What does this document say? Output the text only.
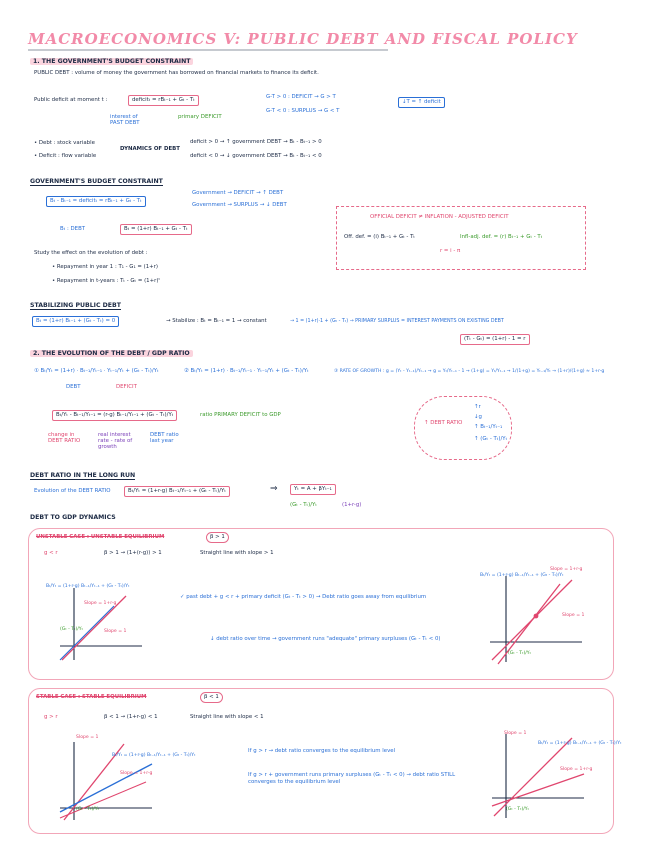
MACROECONOMICS V: PUBLIC DEBT AND FISCAL POLICY
1. THE GOVERNMENT'S BUDGET CONSTRAINT
PUBLIC DEBT : volume of money the government has borrowed on financial markets to finance its deficit.
Public deficit at moment t :	deficitₜ = rBₜ₋₁ + Gₜ - Tₜ
interest of PAST DEBT
primary DEFICIT
G-T > 0 : DEFICIT → G > T
G-T < 0 : SURPLUS → G < T
↓T = ↑ deficit
• Debt : stock variable
• Deficit : flow variable
DYNAMICS OF DEBT
deficit > 0 → ↑ government DEBT → Bₜ - Bₜ₋₁ > 0
deficit < 0 → ↓ government DEBT → Bₜ - Bₜ₋₁ < 0
GOVERNMENT'S BUDGET CONSTRAINT
Bₜ - Bₜ₋₁ = deficitₜ = rBₜ₋₁ + Gₜ - Tₜ
Government → DEFICIT → ↑ DEBT
Government → SURPLUS → ↓ DEBT
Bₜ : DEBT	Bₜ = (1+r) Bₜ₋₁ + Gₜ - Tₜ
OFFICIAL DEFICIT ≠ INFLATION - ADJUSTED DEFICIT
Off. def. = (i) Bₜ₋₁ + Gₜ - Tₜ	Infl-adj. def. = (r) Bₜ₋₁ + Gₜ - Tₜ
r = i - π
Study the effect on the evolution of debt :
• Repayment in year 1 : T₁ - G₁ = (1+r)
• Repayment in t-years : Tₜ - Gₜ = (1+r)ᵗ
STABILIZING PUBLIC DEBT
Bₜ = (1+r) Bₜ₋₁ + (Gₜ - Tₜ) = 0	→ Stabilize : Bₜ = Bₜ₋₁ = 1 → constant	→ 1 = (1+r)·1 + (Gₜ - Tₜ) → PRIMARY SURPLUS = INTEREST PAYMENTS ON EXISTING DEBT
(Tₜ - Gₜ) = (1+r) - 1 = r
2. THE EVOLUTION OF THE DEBT / GDP RATIO
① Bₜ/Yₜ = (1+r) · Bₜ₋₁/Yₜ₋₁ · Yₜ₋₁/Yₜ + (Gₜ - Tₜ)/Yₜ
DEBT	DEFICIT
② Bₜ/Yₜ = (1+r) · Bₜ₋₁/Yₜ₋₁ · Yₜ₋₁/Yₜ + (Gₜ - Tₜ)/Yₜ	③ RATE OF GROWTH : g = (Yₜ - Yₜ₋₁)/Yₜ₋₁ → g = Yₜ/Yₜ₋₁ - 1 → (1+g) = Yₜ/Yₜ₋₁ → 1/(1+g) = Yₜ₋₁/Yₜ → (1+r)/(1+g) ≈ 1+r-g
Bₜ/Yₜ - Bₜ₋₁/Yₜ₋₁ = (r-g) Bₜ₋₁/Yₜ₋₁ + (Gₜ - Tₜ)/Yₜ	ratio PRIMARY DEFICIT to GDP
change in DEBT RATIO
real interest rate - rate of growth
DEBT ratio last year
↑ DEBT RATIO
↑r
↓g
↑ Bₜ₋₁/Yₜ₋₁
↑ (Gₜ - Tₜ)/Yₜ
DEBT RATIO IN THE LONG RUN
Evolution of the DEBT RATIO	Bₜ/Yₜ = (1+r-g) Bₜ₋₁/Yₜ₋₁ + (Gₜ - Tₜ)/Yₜ	⇒	Yₜ = A + βYₜ₋₁
(Gₜ - Tₜ)/Yₜ	(1+r-g)
DEBT TO GDP DYNAMICS
UNSTABLE CASE : UNSTABLE EQUILIBRIUM	β > 1
g < r	β > 1 → (1+(r-g)) > 1	Straight line with slope > 1
Bₜ/Yₜ = (1+r-g) Bₜ₋₁/Yₜ₋₁ + (Gₜ - Tₜ)/Yₜ
Slope = 1+r-g
Slope = 1
(Gₜ - Tₜ)/Yₜ
✓ past debt + g < r + primary deficit (Gₜ - Tₜ > 0) → Debt ratio goes away from equilibrium
↓ debt ratio over time → government runs "adequate" primary surpluses (Gₜ - Tₜ < 0)
Bₜ/Yₜ = (1+r-g) Bₜ₋₁/Yₜ₋₁ + (Gₜ - Tₜ)/Yₜ
Slope = 1+r-g
Slope = 1
(Gₜ - Tₜ)/Yₜ
STABLE CASE : STABLE EQUILIBRIUM	β < 1
g > r	β < 1 → (1+r-g) < 1	Straight line with slope < 1
Slope = 1
Bₜ/Yₜ = (1+r-g) Bₜ₋₁/Yₜ₋₁ + (Gₜ - Tₜ)/Yₜ
Slope = 1+r-g
(Gₜ - Tₜ)/Yₜ
If g > r → debt ratio converges to the equilibrium level
If g > r + government runs primary surpluses (Gₜ - Tₜ < 0) → debt ratio STILL converges to the equilibrium level
Bₜ/Yₜ = (1+r-g) Bₜ₋₁/Yₜ₋₁ + (Gₜ - Tₜ)/Yₜ
Slope = 1
Slope = 1+r-g
(Gₜ - Tₜ)/Yₜ
